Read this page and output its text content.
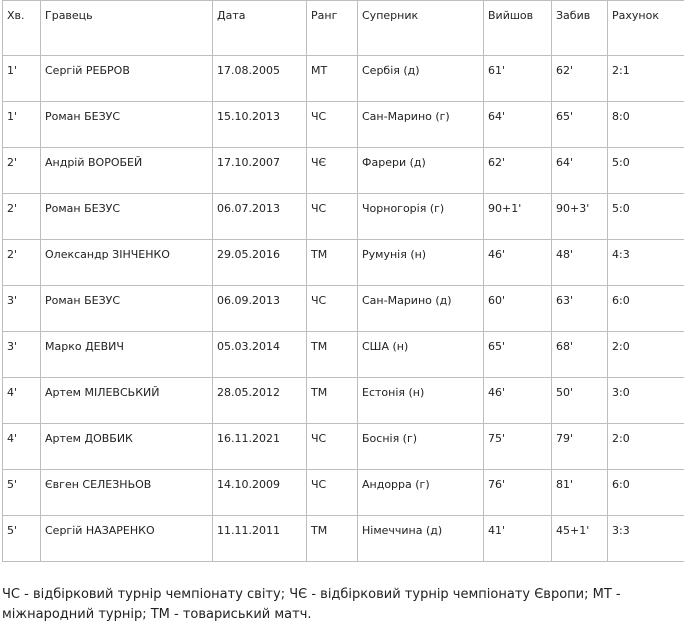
Хв.	Гравець	Дата	Ранг	Суперник	Вийшов	Забив	Рахунок
1'	Сергій РЕБРОВ	17.08.2005	МТ	Сербія (д)	61'	62'	2:1
1'	Роман БЕЗУС	15.10.2013	ЧС	Сан-Марино (г)	64'	65'	8:0
2'	Андрій ВОРОБЕЙ	17.10.2007	ЧЄ	Фарери (д)	62'	64'	5:0
2'	Роман БЕЗУС	06.07.2013	ЧС	Чорногорія (г)	90+1'	90+3'	5:0
2'	Олександр ЗІНЧЕНКО	29.05.2016	ТМ	Румунія (н)	46'	48'	4:3
3'	Роман БЕЗУС	06.09.2013	ЧС	Сан-Марино (д)	60'	63'	6:0
3'	Марко ДЕВИЧ	05.03.2014	ТМ	США (н)	65'	68'	2:0
4'	Артем МІЛЕВСЬКИЙ	28.05.2012	ТМ	Естонія (н)	46'	50'	3:0
4'	Артем ДОВБИК	16.11.2021	ЧС	Боснія (г)	75'	79'	2:0
5'	Євген СЕЛЕЗНЬОВ	14.10.2009	ЧС	Андорра (г)	76'	81'	6:0
5'	Сергій НАЗАРЕНКО	11.11.2011	ТМ	Німеччина (д)	41'	45+1'	3:3
ЧС - відбірковий турнір чемпіонату світу; ЧЄ - відбірковий турнір чемпіонату Європи; МТ - міжнародний турнір; ТМ - товариський матч.
